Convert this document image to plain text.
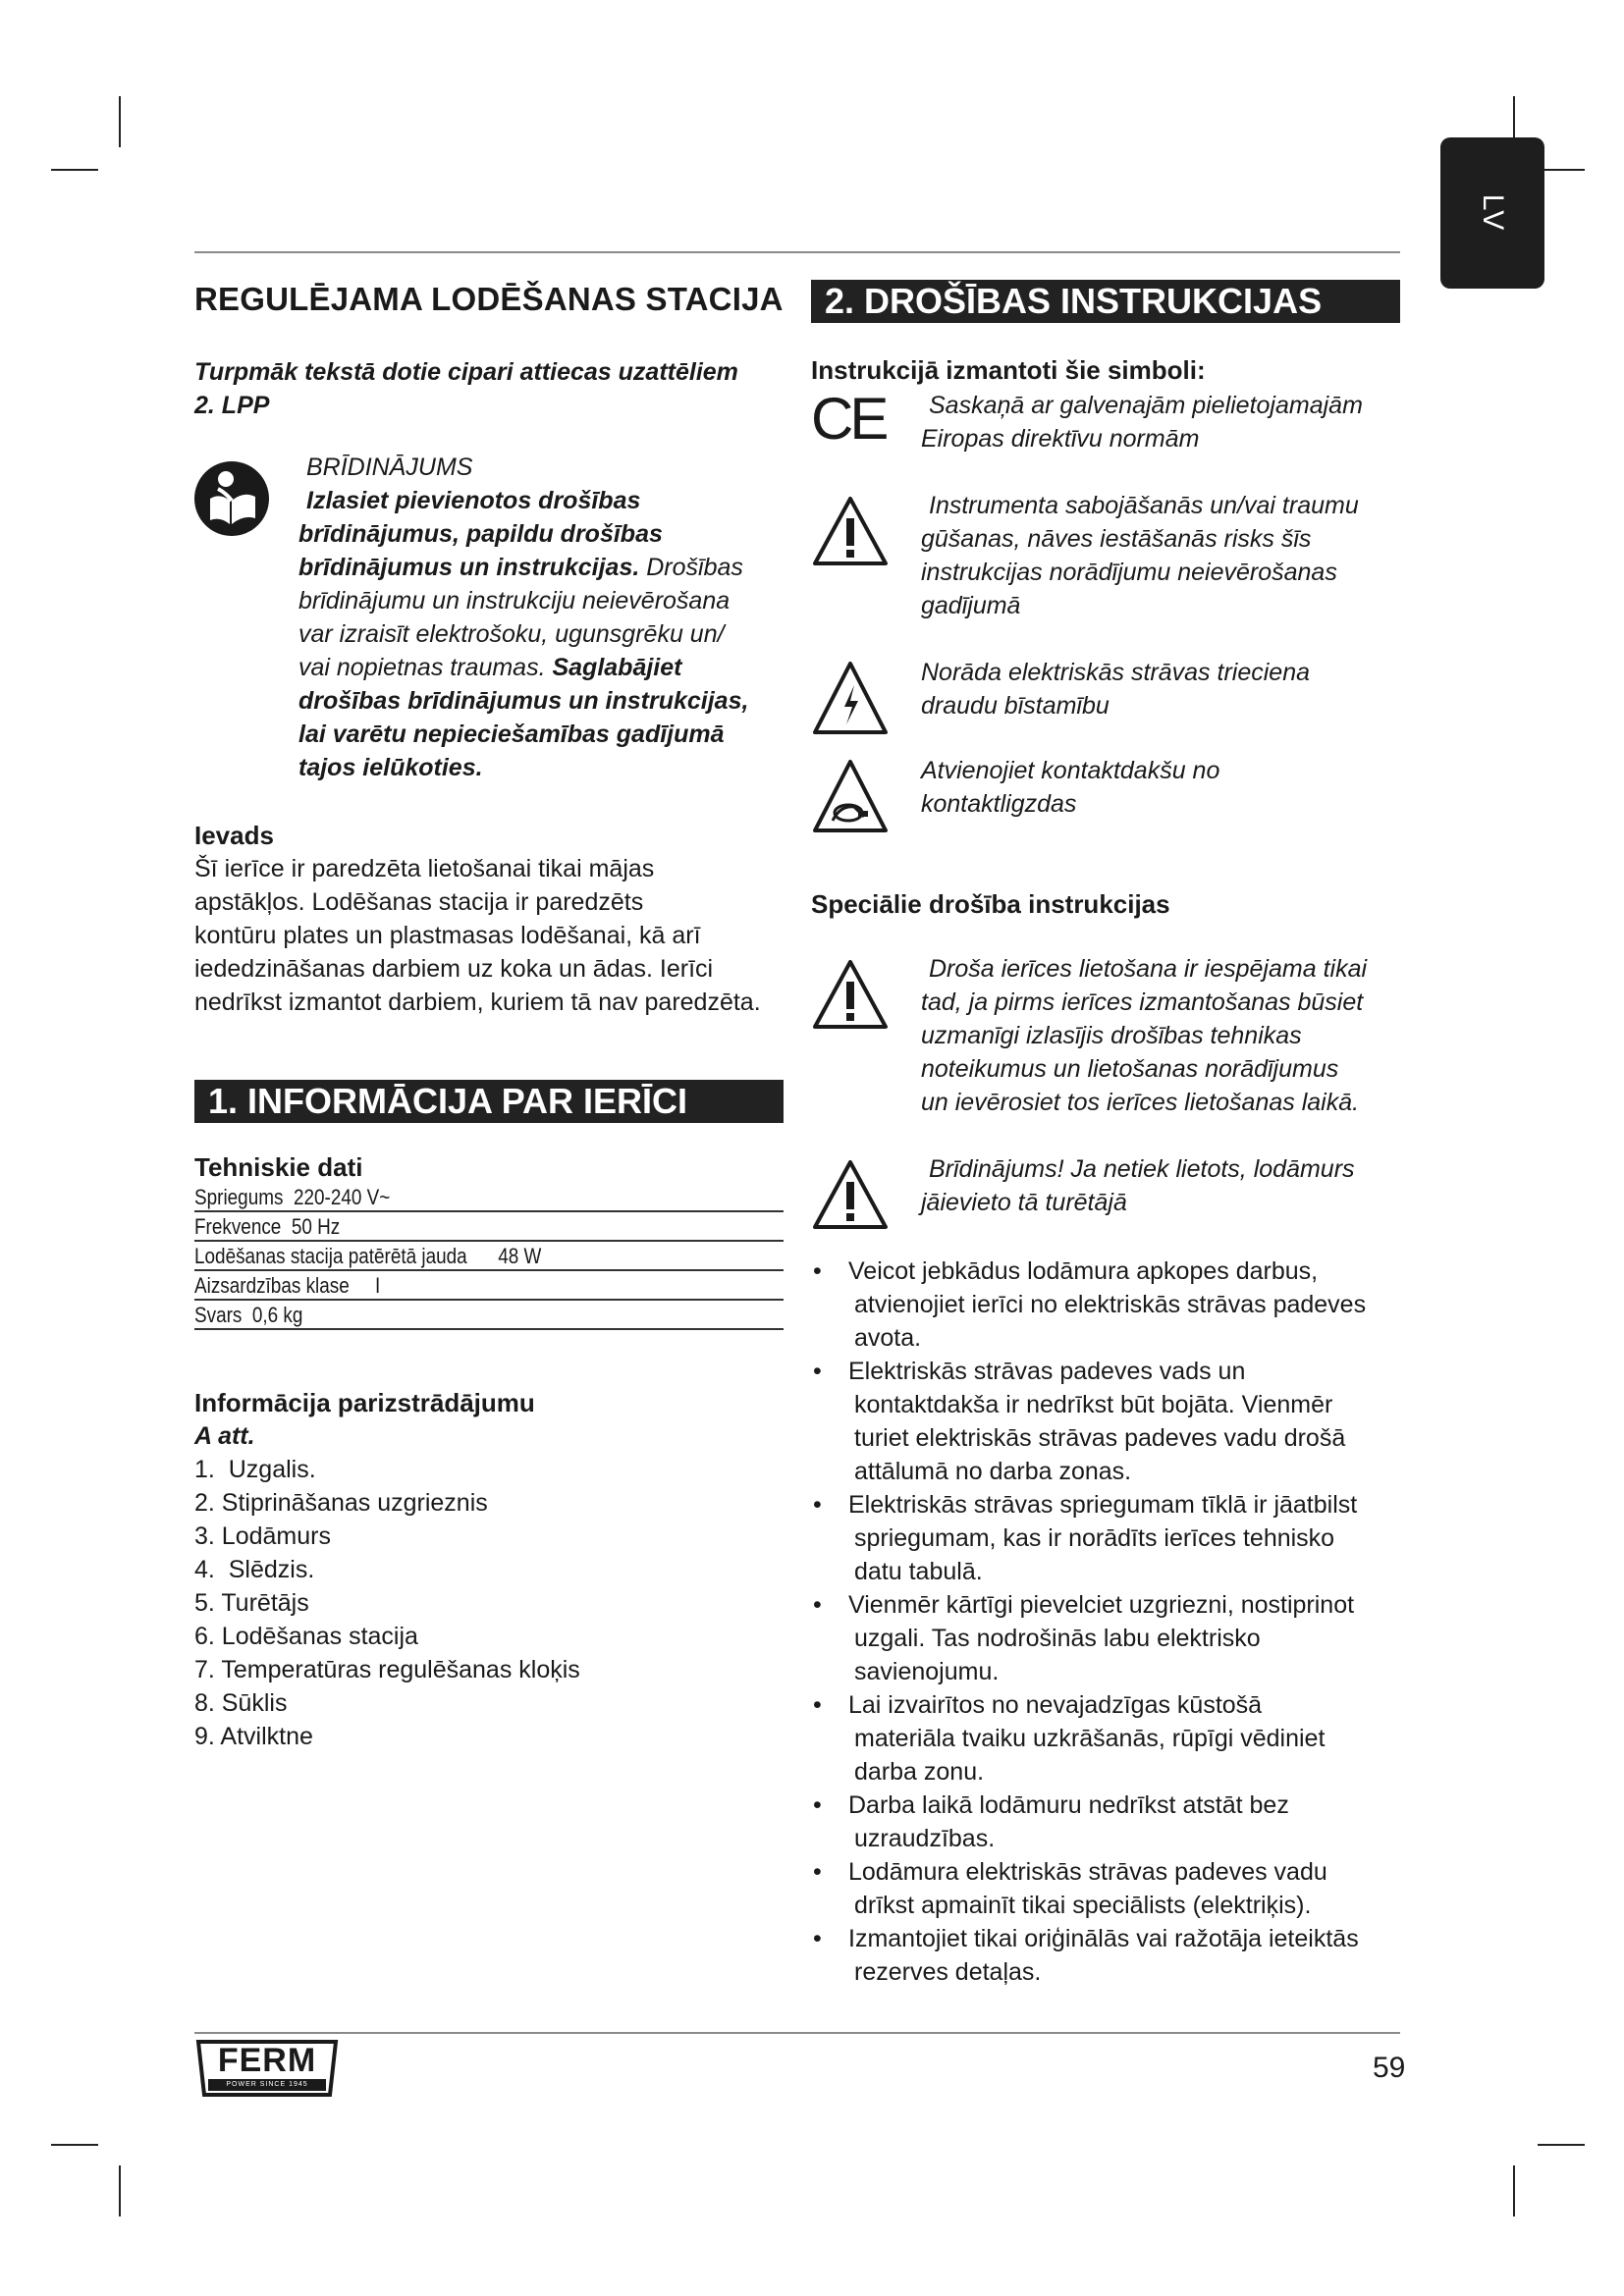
LV
REGULĒJAMA LODĒŠANAS STACIJA	2. DROŠĪBAS INSTRUKCIJAS
Turpmāk tekstā dotie cipari attiecas uzattēliem
2. LPP
BRĪDINĀJUMS
Izlasiet pievienotos drošības
brīdinājumus, papildu drošības
brīdinājumus un instrukcijas. Drošības
brīdinājumu un instrukciju neievērošana
var izraisīt elektrošoku, ugunsgrēku un/
vai nopietnas traumas. Saglabājiet
drošības brīdinājumus un instrukcijas,
lai varētu nepieciešamības gadījumā
tajos ielūkoties.
Ievads
Šī ierīce ir paredzēta lietošanai tikai mājas
apstākļos. Lodēšanas stacija ir paredzēts
kontūru plates un plastmasas lodēšanai, kā arī
iededzināšanas darbiem uz koka un ādas. Ierīci
nedrīkst izmantot darbiem, kuriem tā nav paredzēta.
1. INFORMĀCIJA PAR IERĪCI
Tehniskie dati
Spriegums  220-240 V~
Frekvence  50 Hz
Lodēšanas stacija patērētā jauda      48 W
Aizsardzības klase     I
Svars  0,6 kg
Informācija parizstrādājumu
A att.
1.  Uzgalis.
2. Stiprināšanas uzgrieznis
3. Lodāmurs
4.  Slēdzis.
5. Turētājs
6. Lodēšanas stacija
7. Temperatūras regulēšanas kloķis
8. Sūklis
9. Atvilktne
Instrukcijā izmantoti šie simboli:
CE	Saskaņā ar galvenajām pielietojamajām
Eiropas direktīvu normām
Instrumenta sabojāšanās un/vai traumu
gūšanas, nāves iestāšanās risks šīs
instrukcijas norādījumu neievērošanas
gadījumā
Norāda elektriskās strāvas trieciena
draudu bīstamību
Atvienojiet kontaktdakšu no
kontaktligzdas
Speciālie drošība instrukcijas
Droša ierīces lietošana ir iespējama tikai
tad, ja pirms ierīces izmantošanas būsiet
uzmanīgi izlasījis drošības tehnikas
noteikumus un lietošanas norādījumus
un ievērosiet tos ierīces lietošanas laikā.
Brīdinājums! Ja netiek lietots, lodāmurs
jāievieto tā turētājā
• Veicot jebkādus lodāmura apkopes darbus,
atvienojiet ierīci no elektriskās strāvas padeves
avota.
• Elektriskās strāvas padeves vads un
kontaktdakša ir nedrīkst būt bojāta. Vienmēr
turiet elektriskās strāvas padeves vadu drošā
attālumā no darba zonas.
• Elektriskās strāvas spriegumam tīklā ir jāatbilst
spriegumam, kas ir norādīts ierīces tehnisko
datu tabulā.
• Vienmēr kārtīgi pievelciet uzgriezni, nostiprinot
uzgali. Tas nodrošinās labu elektrisko
savienojumu.
• Lai izvairītos no nevajadzīgas kūstošā
materiāla tvaiku uzkrāšanās, rūpīgi vēdiniet
darba zonu.
• Darba laikā lodāmuru nedrīkst atstāt bez
uzraudzības.
• Lodāmura elektriskās strāvas padeves vadu
drīkst apmainīt tikai speciālists (elektriķis).
• Izmantojiet tikai oriģinālās vai ražotāja ieteiktās
rezerves detaļas.
FERM
POWER SINCE 1945
59
